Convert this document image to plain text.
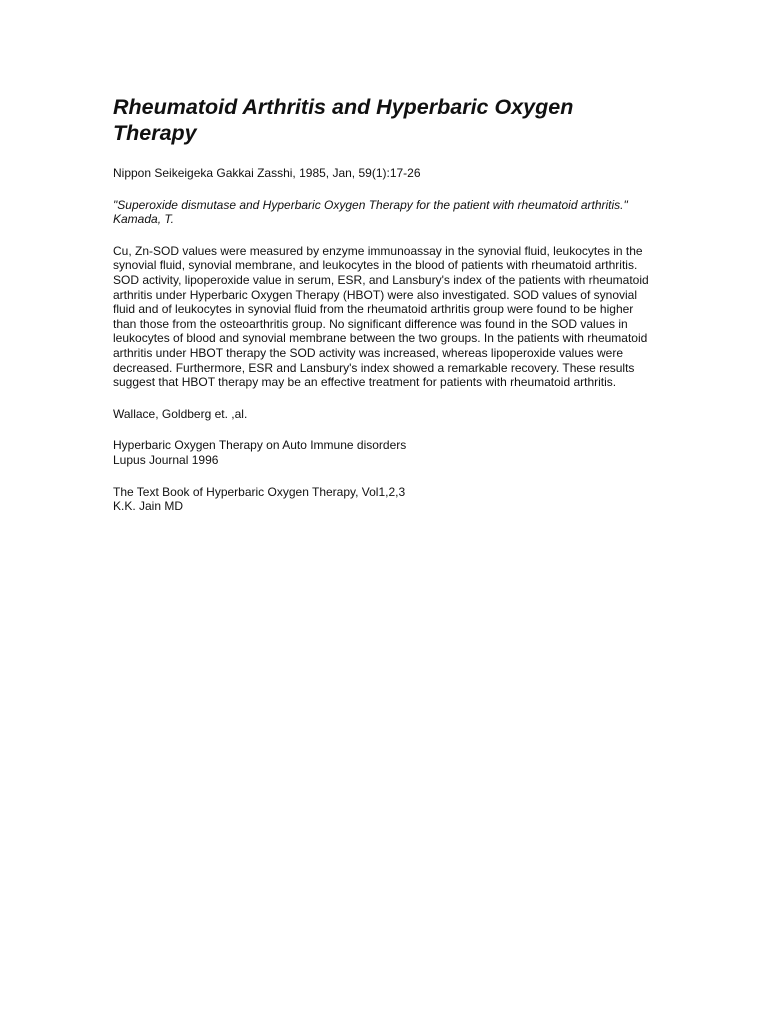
Rheumatoid Arthritis and Hyperbaric Oxygen Therapy

Nippon Seikeigeka Gakkai Zasshi, 1985, Jan, 59(1):17-26

"Superoxide dismutase and Hyperbaric Oxygen Therapy for the patient with rheumatoid arthritis."
Kamada, T.

Cu, Zn-SOD values were measured by enzyme immunoassay in the synovial fluid, leukocytes in the synovial fluid, synovial membrane, and leukocytes in the blood of patients with rheumatoid arthritis. SOD activity, lipoperoxide value in serum, ESR, and Lansbury's index of the patients with rheumatoid arthritis under Hyperbaric Oxygen Therapy (HBOT) were also investigated. SOD values of synovial fluid and of leukocytes in synovial fluid from the rheumatoid arthritis group were found to be higher than those from the osteoarthritis group. No significant difference was found in the SOD values in leukocytes of blood and synovial membrane between the two groups. In the patients with rheumatoid arthritis under HBOT therapy the SOD activity was increased, whereas lipoperoxide values were decreased. Furthermore, ESR and Lansbury's index showed a remarkable recovery. These results suggest that HBOT therapy may be an effective treatment for patients with rheumatoid arthritis.

Wallace, Goldberg et. ,al.

Hyperbaric Oxygen Therapy on Auto Immune disorders
Lupus Journal 1996

The Text Book of Hyperbaric Oxygen Therapy, Vol1,2,3
K.K. Jain MD
